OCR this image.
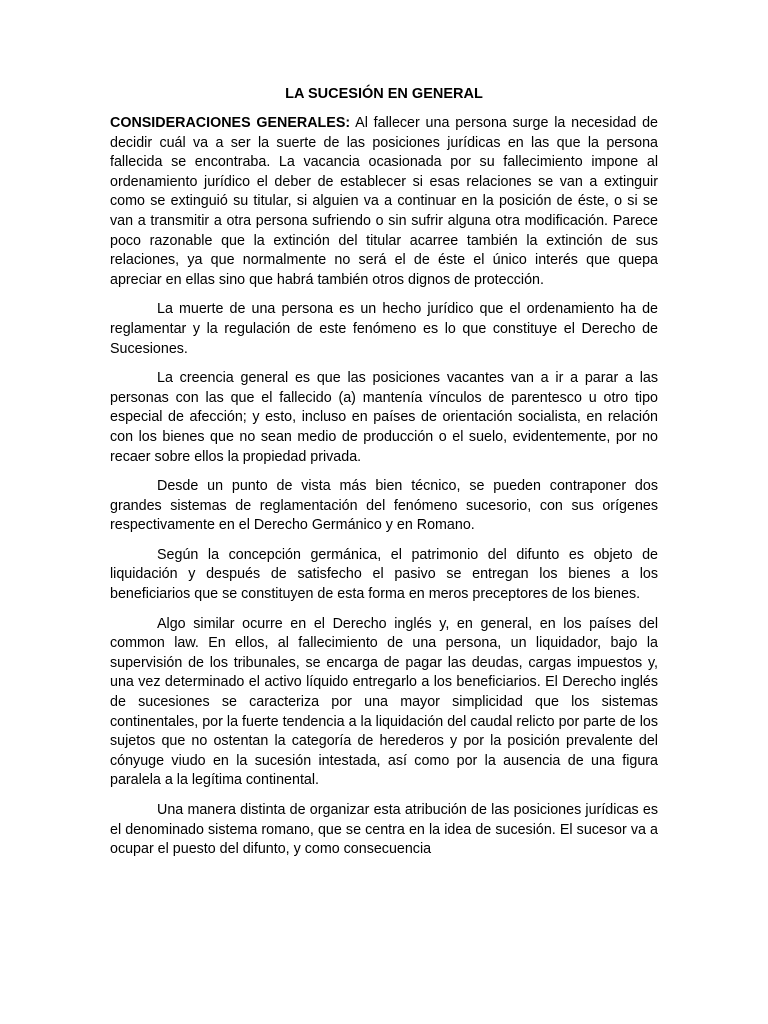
LA SUCESIÓN EN GENERAL

CONSIDERACIONES GENERALES: Al fallecer una persona surge la necesidad de decidir cuál va a ser la suerte de las posiciones jurídicas en las que la persona fallecida se encontraba. La vacancia ocasionada por su fallecimiento impone al ordenamiento jurídico el deber de establecer si esas relaciones se van a extinguir como se extinguió su titular, si alguien va a continuar en la posición de éste, o si se van a transmitir a otra persona sufriendo o sin sufrir alguna otra modificación. Parece poco razonable que la extinción del titular acarree también la extinción de sus relaciones, ya que normalmente no será el de éste el único interés que quepa apreciar en ellas sino que habrá también otros dignos de protección.

La muerte de una persona es un hecho jurídico que el ordenamiento ha de reglamentar y la regulación de este fenómeno es lo que constituye el Derecho de Sucesiones.

La creencia general es que las posiciones vacantes van a ir a parar a las personas con las que el fallecido (a) mantenía vínculos de parentesco u otro tipo especial de afección; y esto, incluso en países de orientación socialista, en relación con los bienes que no sean medio de producción o el suelo, evidentemente, por no recaer sobre ellos la propiedad privada.

Desde un punto de vista más bien técnico, se pueden contraponer dos grandes sistemas de reglamentación del fenómeno sucesorio, con sus orígenes respectivamente en el Derecho Germánico y en Romano.

Según la concepción germánica, el patrimonio del difunto es objeto de liquidación y después de satisfecho el pasivo se entregan los bienes a los beneficiarios que se constituyen de esta forma en meros preceptores de los bienes.

Algo similar ocurre en el Derecho inglés y, en general, en los países del common law. En ellos, al fallecimiento de una persona, un liquidador, bajo la supervisión de los tribunales, se encarga de pagar las deudas, cargas impuestos y, una vez determinado el activo líquido entregarlo a los beneficiarios. El Derecho inglés de sucesiones se caracteriza por una mayor simplicidad que los sistemas continentales, por la fuerte tendencia a la liquidación del caudal relicto por parte de los sujetos que no ostentan la categoría de herederos y por la posición prevalente del cónyuge viudo en la sucesión intestada, así como por la ausencia de una figura paralela a la legítima continental.

Una manera distinta de organizar esta atribución de las posiciones jurídicas es el denominado sistema romano, que se centra en la idea de sucesión. El sucesor va a ocupar el puesto del difunto, y como consecuencia
